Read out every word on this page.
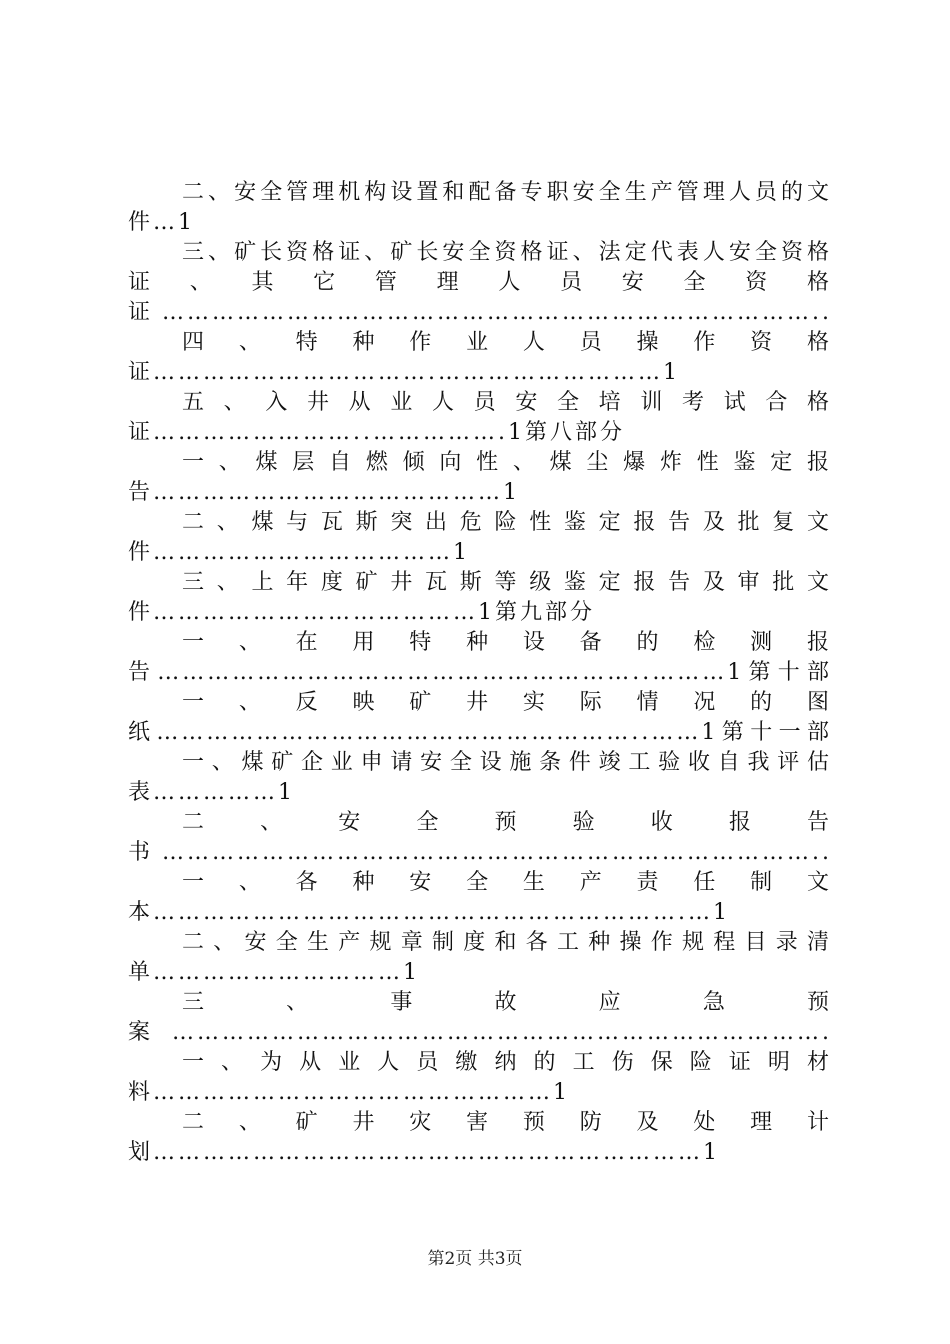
二、安全管理机构设置和配备专职安全生产管理人员的文件…1

三、矿长资格证、矿长安全资格证、法定代表人安全资格证、其它管理人员安全资格证……………………………………………………………………..

四、特种作业人员操作资格证…………………………….………………………1

五、入井从业人员安全培训考试合格证……………………..…………….1第八部分

一、煤层自燃倾向性、煤尘爆炸性鉴定报告……………………………………1

二、煤与瓦斯突出危险性鉴定报告及批复文件………………………………1

三、上年度矿井瓦斯等级鉴定报告及审批文件…………………………………1第九部分

一、在用特种设备的检测报告…………………………………………………..………1第十部

一、反映矿井实际情况的图纸…………………………………………………..……1第十一部

一、煤矿企业申请安全设施条件竣工验收自我评估表……………1

二、安全预验收报告书……………………………………………………………………..

一、各种安全生产责任制文本……………………………………………………….…1

二、安全生产规章制度和各工种操作规程目录清单…………………………1

三、事故应急预案…………………………………………………………………….

一、为从业人员缴纳的工伤保险证明材料…………………………………………1

二、矿井灾害预防及处理计划…………………………………………………………1

第2页 共3页
